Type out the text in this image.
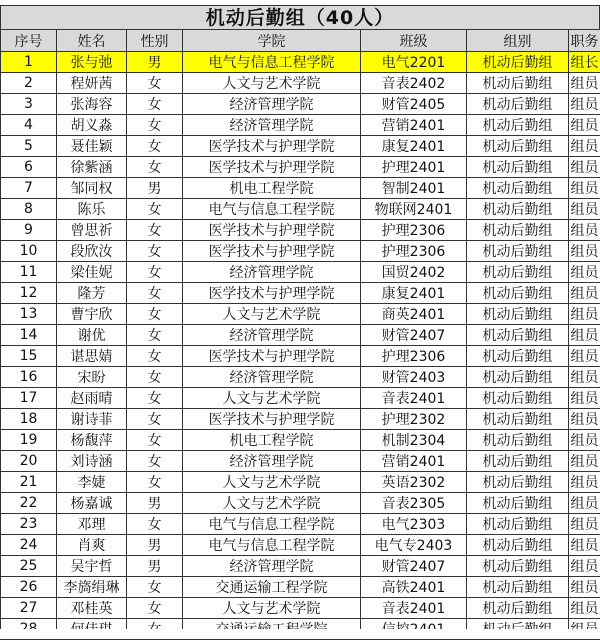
机动后勤组（40人）
序号	姓名	性别	学院	班级	组别	职务
1	张与弛	男	电气与信息工程学院	电气2201	机动后勤组	组长
2	程妍茜	女	人文与艺术学院	音表2402	机动后勤组	组员
3	张海容	女	经济管理学院	财管2405	机动后勤组	组员
4	胡义淼	女	经济管理学院	营销2401	机动后勤组	组员
5	聂佳颖	女	医学技术与护理学院	康复2401	机动后勤组	组员
6	徐紫涵	女	医学技术与护理学院	护理2401	机动后勤组	组员
7	邹同权	男	机电工程学院	智制2401	机动后勤组	组员
8	陈乐	女	电气与信息工程学院	物联网2401	机动后勤组	组员
9	曾思祈	女	医学技术与护理学院	护理2306	机动后勤组	组员
10	段欣汝	女	医学技术与护理学院	护理2306	机动后勤组	组员
11	梁佳妮	女	经济管理学院	国贸2402	机动后勤组	组员
12	隆芳	女	医学技术与护理学院	康复2401	机动后勤组	组员
13	曹宇欣	女	人文与艺术学院	商英2401	机动后勤组	组员
14	谢优	女	经济管理学院	财管2407	机动后勤组	组员
15	谌思婧	女	医学技术与护理学院	护理2306	机动后勤组	组员
16	宋盼	女	经济管理学院	财管2403	机动后勤组	组员
17	赵雨晴	女	人文与艺术学院	音表2401	机动后勤组	组员
18	谢诗菲	女	医学技术与护理学院	护理2302	机动后勤组	组员
19	杨馥萍	女	机电工程学院	机制2304	机动后勤组	组员
20	刘诗涵	女	经济管理学院	营销2401	机动后勤组	组员
21	李婕	女	人文与艺术学院	英语2302	机动后勤组	组员
22	杨嘉诚	男	人文与艺术学院	音表2305	机动后勤组	组员
23	邓理	女	电气与信息工程学院	电气2303	机动后勤组	组员
24	肖爽	男	电气与信息工程学院	电气专2403	机动后勤组	组员
25	吴宇哲	男	经济管理学院	财管2407	机动后勤组	组员
26	李旖绢琳	女	交通运输工程学院	高铁2401	机动后勤组	组员
27	邓桂英	女	人文与艺术学院	音表2401	机动后勤组	组员
